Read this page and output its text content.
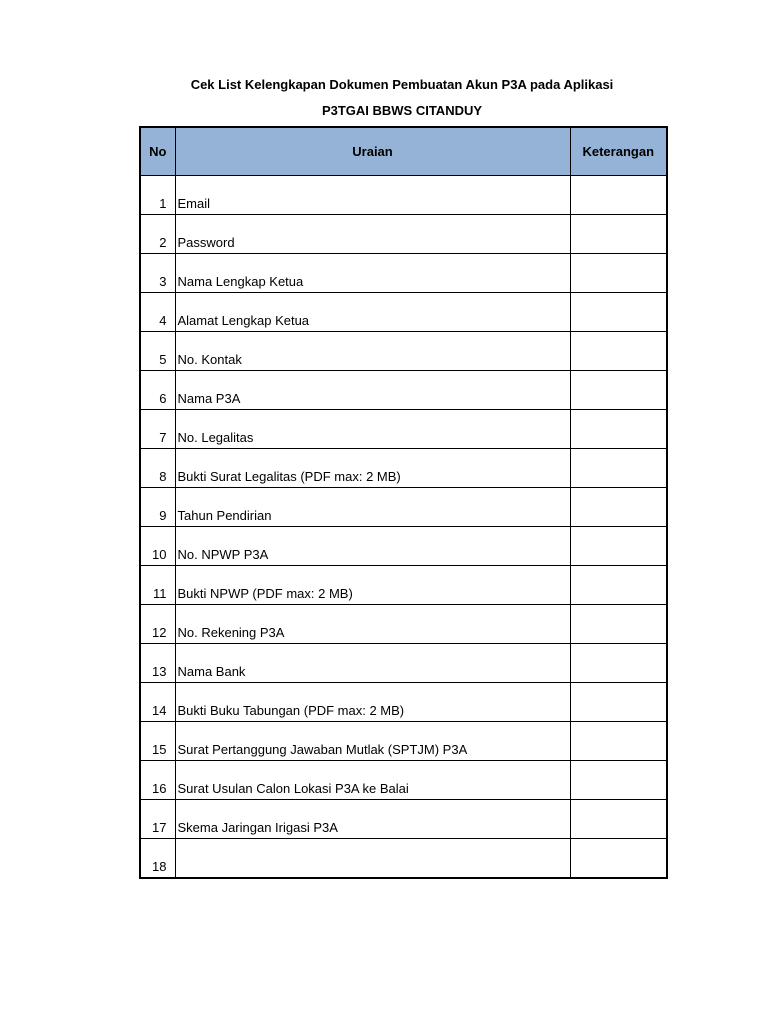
Cek List Kelengkapan Dokumen Pembuatan Akun P3A pada Aplikasi
P3TGAI BBWS CITANDUY
No	Uraian	Keterangan
1	Email	
2	Password	
3	Nama Lengkap Ketua	
4	Alamat Lengkap Ketua	
5	No. Kontak	
6	Nama P3A	
7	No. Legalitas	
8	Bukti Surat Legalitas (PDF max: 2 MB)	
9	Tahun Pendirian	
10	No. NPWP P3A	
11	Bukti NPWP (PDF max: 2 MB)	
12	No. Rekening P3A	
13	Nama Bank	
14	Bukti Buku Tabungan (PDF max: 2 MB)	
15	Surat Pertanggung Jawaban Mutlak (SPTJM) P3A	
16	Surat Usulan Calon Lokasi P3A ke Balai	
17	Skema Jaringan Irigasi P3A	
18		
